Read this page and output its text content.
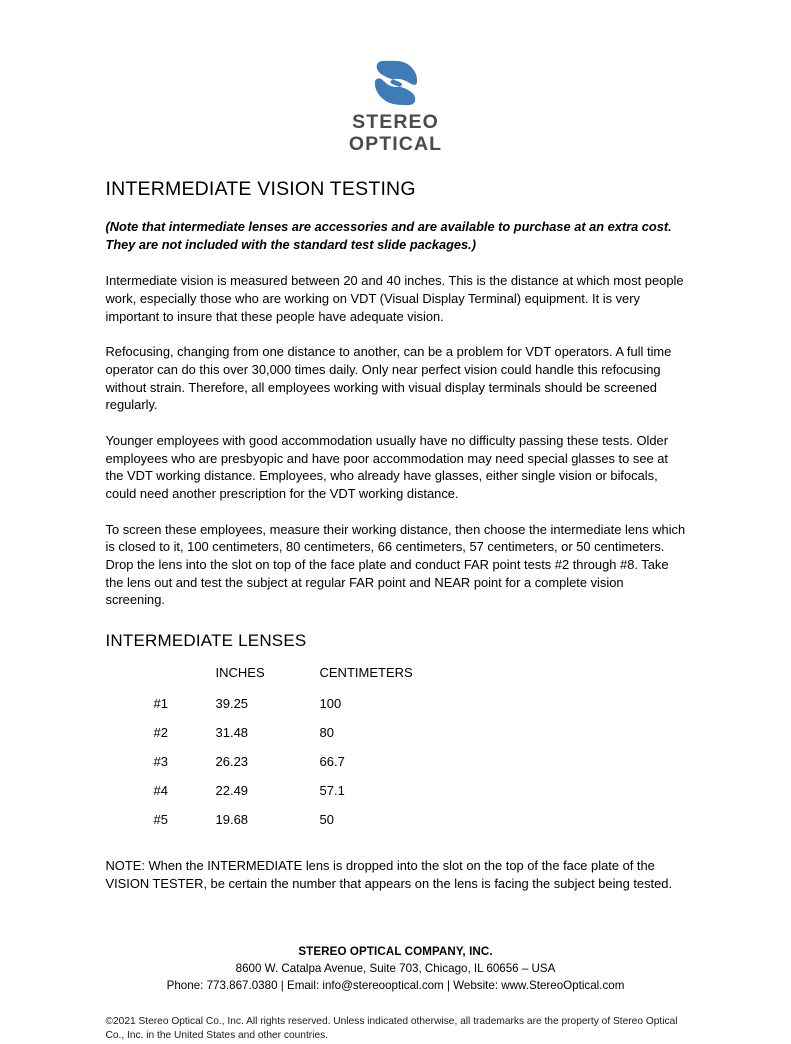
STEREO
OPTICAL
INTERMEDIATE VISION TESTING

(Note that intermediate lenses are accessories and are available to purchase at an extra cost. They are not included with the standard test slide packages.)

Intermediate vision is measured between 20 and 40 inches. This is the distance at which most people work, especially those who are working on VDT (Visual Display Terminal) equipment. It is very important to insure that these people have adequate vision.

Refocusing, changing from one distance to another, can be a problem for VDT operators. A full time operator can do this over 30,000 times daily. Only near perfect vision could handle this refocusing without strain. Therefore, all employees working with visual display terminals should be screened regularly.

Younger employees with good accommodation usually have no difficulty passing these tests. Older employees who are presbyopic and have poor accommodation may need special glasses to see at the VDT working distance. Employees, who already have glasses, either single vision or bifocals, could need another prescription for the VDT working distance.

To screen these employees, measure their working distance, then choose the intermediate lens which is closed to it, 100 centimeters, 80 centimeters, 66 centimeters, 57 centimeters, or 50 centimeters. Drop the lens into the slot on top of the face plate and conduct FAR point tests #2 through #8. Take the lens out and test the subject at regular FAR point and NEAR point for a complete vision screening.

INTERMEDIATE LENSES
	INCHES	CENTIMETERS
#1	39.25	100
#2	31.48	80
#3	26.23	66.7
#4	22.49	57.1
#5	19.68	50

NOTE: When the INTERMEDIATE lens is dropped into the slot on the top of the face plate of the VISION TESTER, be certain the number that appears on the lens is facing the subject being tested.

STEREO OPTICAL COMPANY, INC.
8600 W. Catalpa Avenue, Suite 703, Chicago, IL 60656 – USA
Phone: 773.867.0380 | Email: info@stereooptical.com | Website: www.StereoOptical.com
©2021 Stereo Optical Co., Inc. All rights reserved. Unless indicated otherwise, all trademarks are the property of Stereo Optical Co., Inc. in the United States and other countries.
